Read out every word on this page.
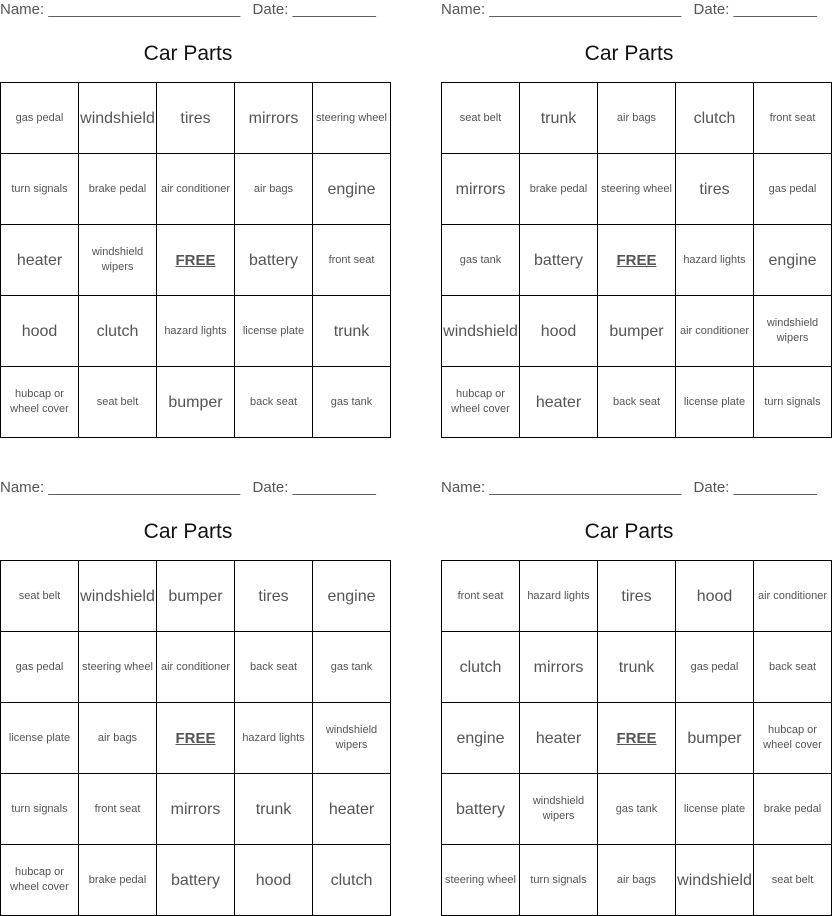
Name: _______________________ Date: __________
Car Parts
gas pedal	windshield	tires	mirrors	steering wheel
turn signals	brake pedal	air conditioner	air bags	engine
heater	windshield wipers	FREE	battery	front seat
hood	clutch	hazard lights	license plate	trunk
hubcap or wheel cover	seat belt	bumper	back seat	gas tank
Name: _______________________ Date: __________
Car Parts
seat belt	trunk	air bags	clutch	front seat
mirrors	brake pedal	steering wheel	tires	gas pedal
gas tank	battery	FREE	hazard lights	engine
windshield	hood	bumper	air conditioner	windshield wipers
hubcap or wheel cover	heater	back seat	license plate	turn signals
Name: _______________________ Date: __________
Car Parts
seat belt	windshield	bumper	tires	engine
gas pedal	steering wheel	air conditioner	back seat	gas tank
license plate	air bags	FREE	hazard lights	windshield wipers
turn signals	front seat	mirrors	trunk	heater
hubcap or wheel cover	brake pedal	battery	hood	clutch
Name: _______________________ Date: __________
Car Parts
front seat	hazard lights	tires	hood	air conditioner
clutch	mirrors	trunk	gas pedal	back seat
engine	heater	FREE	bumper	hubcap or wheel cover
battery	windshield wipers	gas tank	license plate	brake pedal
steering wheel	turn signals	air bags	windshield	seat belt
